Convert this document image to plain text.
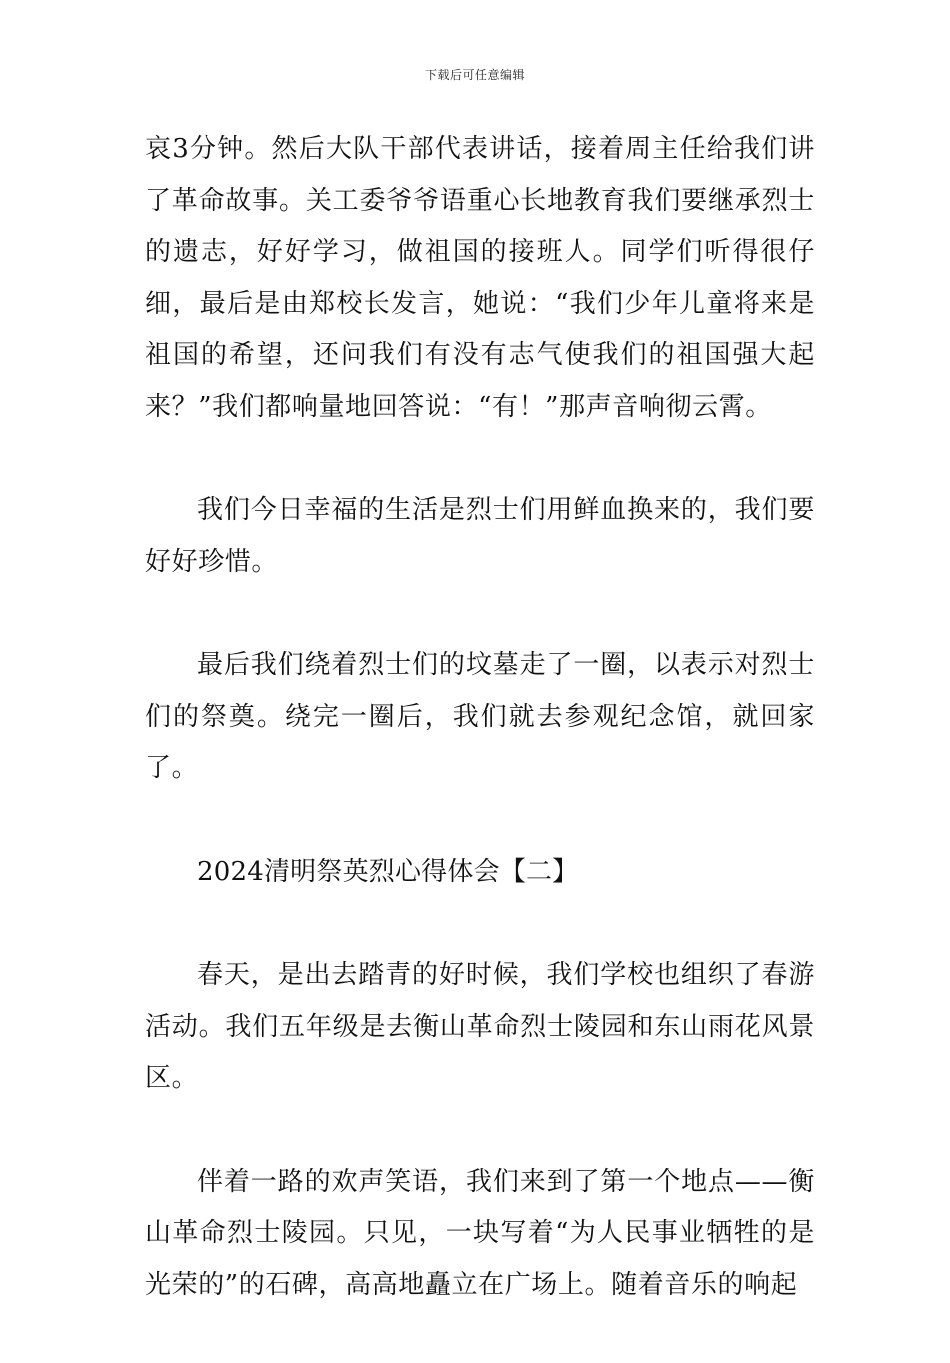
下载后可任意编辑

哀3分钟。然后大队干部代表讲话，接着周主任给我们讲了革命故事。关工委爷爷语重心长地教育我们要继承烈士的遗志，好好学习，做祖国的接班人。同学们听得很仔细，最后是由郑校长发言，她说：“我们少年儿童将来是祖国的希望，还问我们有没有志气使我们的祖国强大起来？”我们都响量地回答说：“有！”那声音响彻云霄。

我们今日幸福的生活是烈士们用鲜血换来的，我们要好好珍惜。

最后我们绕着烈士们的坟墓走了一圈，以表示对烈士们的祭奠。绕完一圈后，我们就去参观纪念馆，就回家了。

2024清明祭英烈心得体会【二】

春天，是出去踏青的好时候，我们学校也组织了春游活动。我们五年级是去衡山革命烈士陵园和东山雨花风景区。

伴着一路的欢声笑语，我们来到了第一个地点——衡山革命烈士陵园。只见，一块写着“为人民事业牺牲的是光荣的”的石碑，高高地矗立在广场上。随着音乐的响起
